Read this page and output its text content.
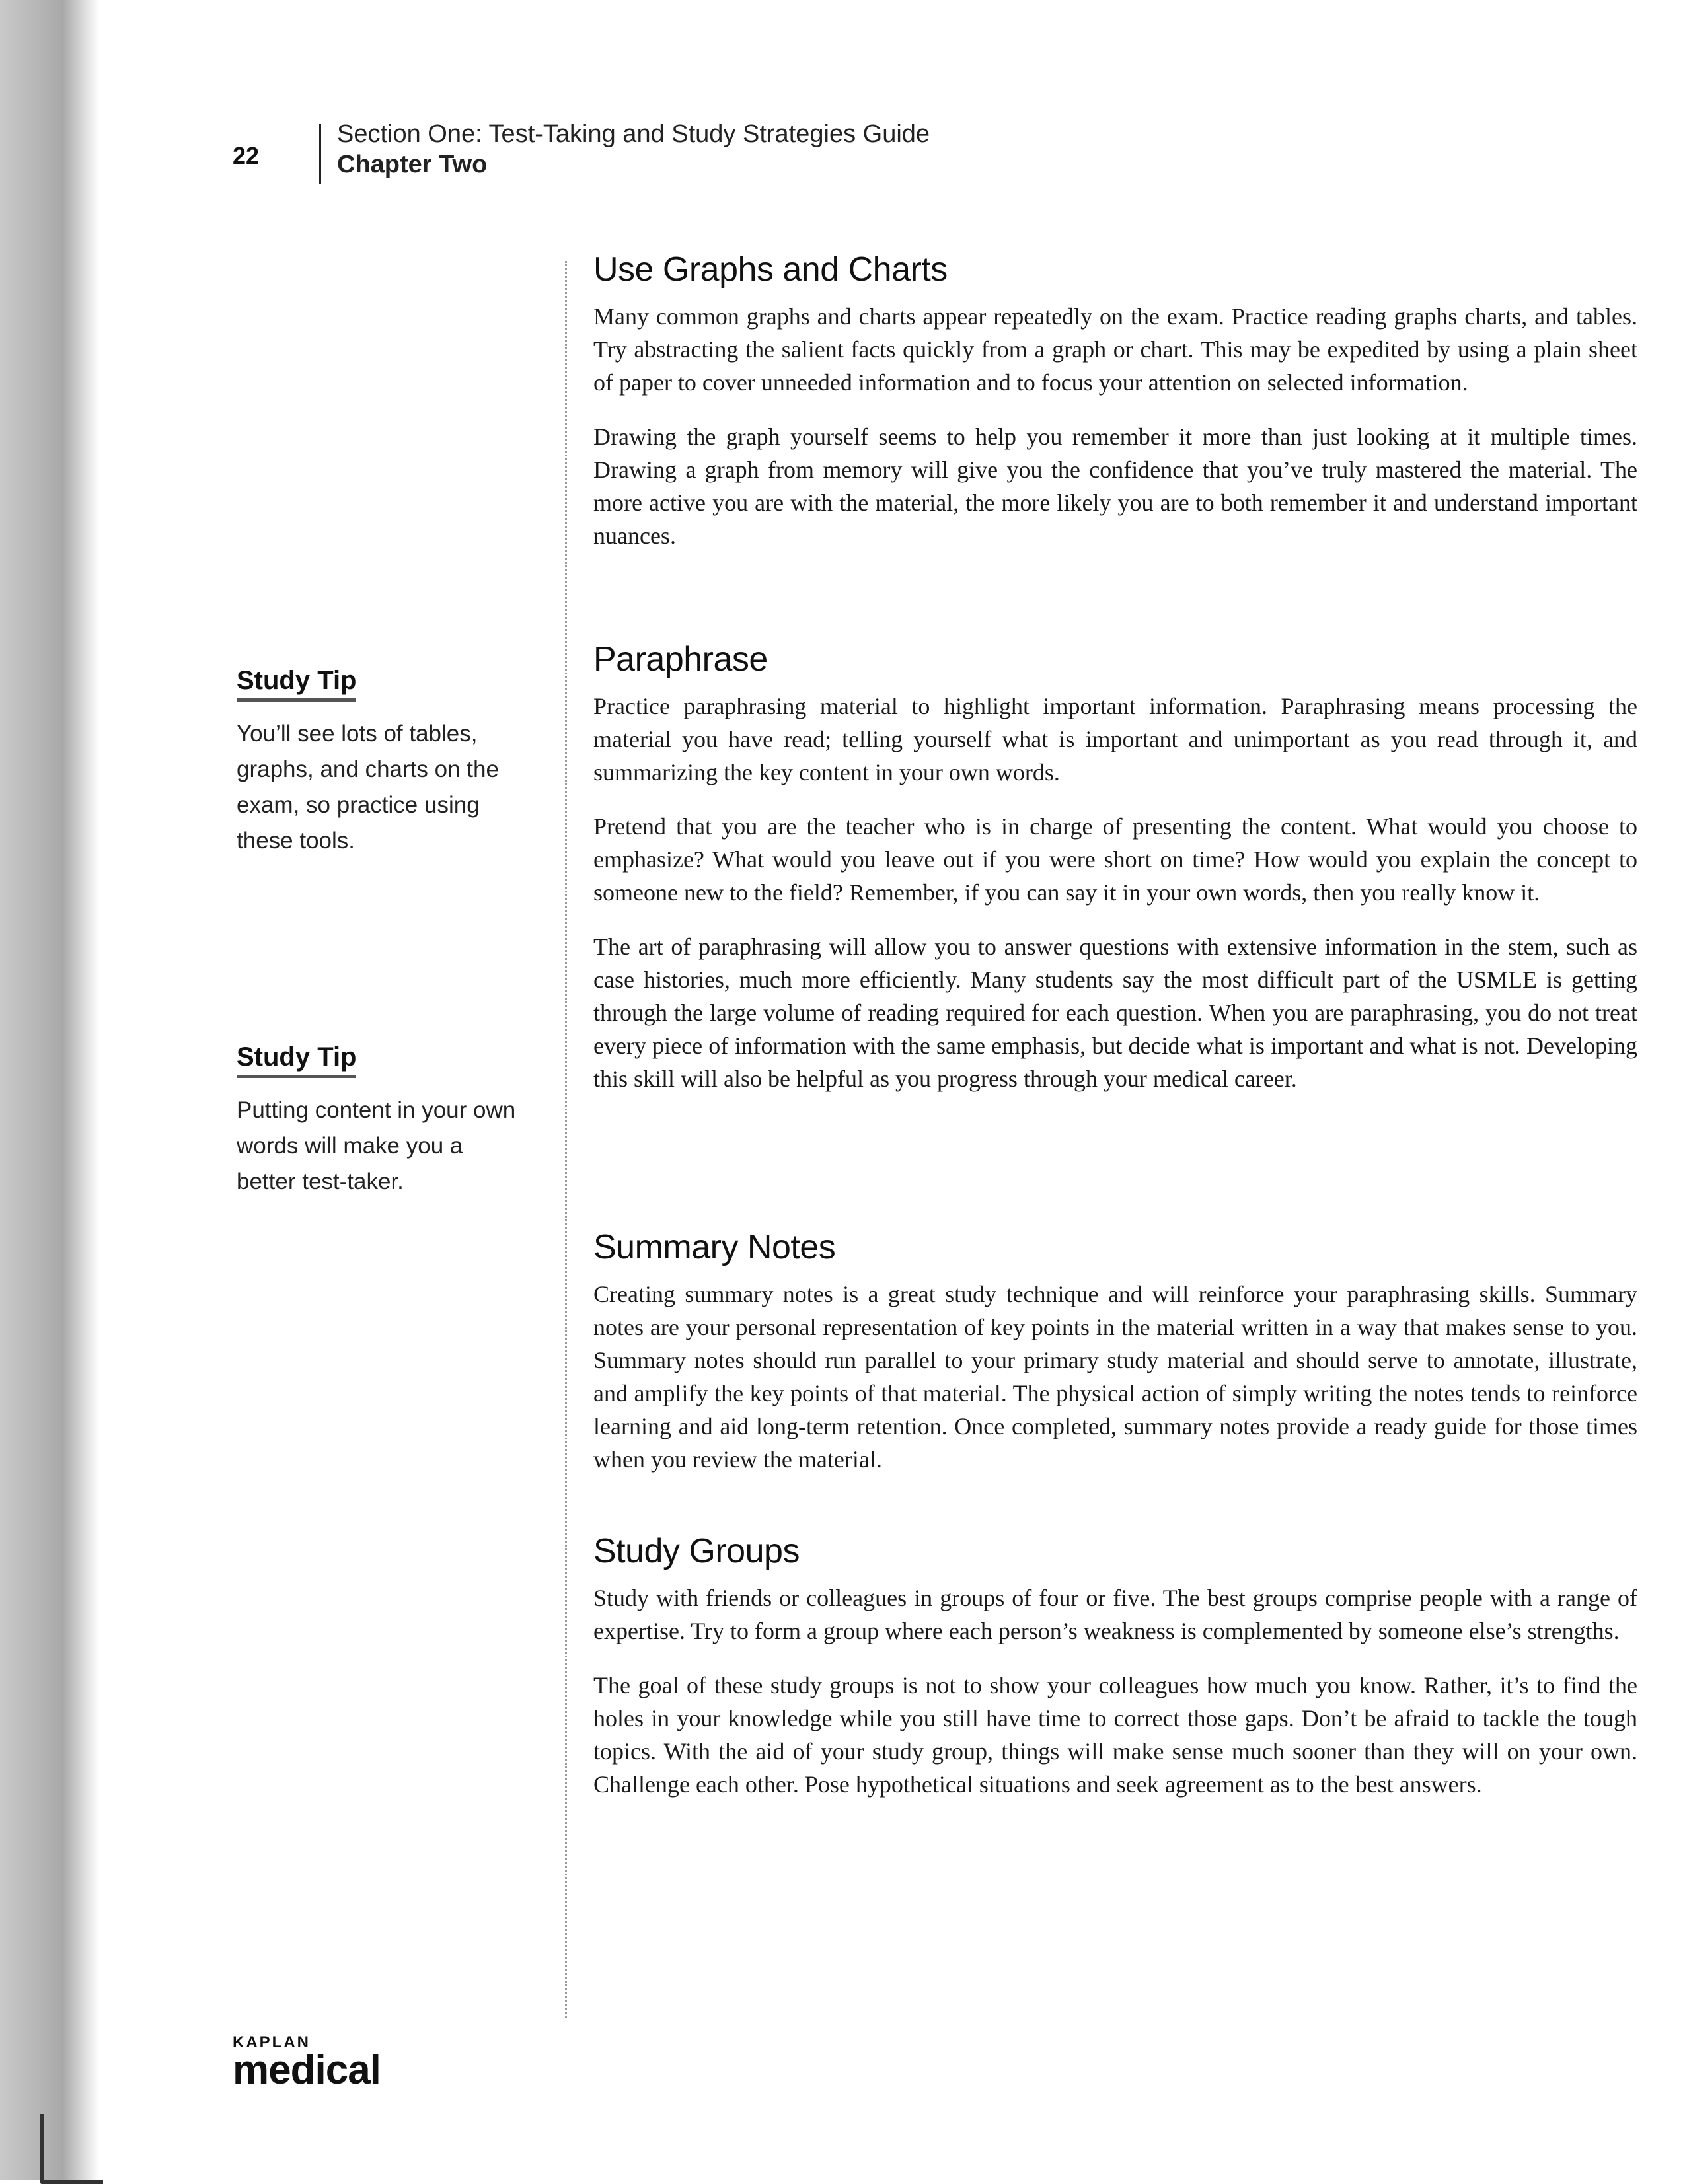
22
Section One: Test-Taking and Study Strategies Guide
Chapter Two
Study Tip

You’ll see lots of tables, graphs, and charts on the exam, so practice using these tools.

Study Tip

Putting content in your own words will make you a better test-taker.

Use Graphs and Charts

Many common graphs and charts appear repeatedly on the exam. Practice reading graphs charts, and tables. Try abstracting the salient facts quickly from a graph or chart. This may be expedited by using a plain sheet of paper to cover unneeded information and to focus your attention on selected information.

Drawing the graph yourself seems to help you remember it more than just looking at it multiple times. Drawing a graph from memory will give you the confidence that you’ve truly mastered the material. The more active you are with the material, the more likely you are to both remember it and understand important nuances.

Paraphrase

Practice paraphrasing material to highlight important information. Paraphrasing means processing the material you have read; telling yourself what is important and unimportant as you read through it, and summarizing the key content in your own words.

Pretend that you are the teacher who is in charge of presenting the content. What would you choose to emphasize? What would you leave out if you were short on time? How would you explain the concept to someone new to the field? Remember, if you can say it in your own words, then you really know it.

The art of paraphrasing will allow you to answer questions with extensive information in the stem, such as case histories, much more efficiently. Many students say the most difficult part of the USMLE is getting through the large volume of reading required for each question. When you are paraphrasing, you do not treat every piece of information with the same emphasis, but decide what is important and what is not. Developing this skill will also be helpful as you progress through your medical career.

Summary Notes

Creating summary notes is a great study technique and will reinforce your paraphrasing skills. Summary notes are your personal representation of key points in the material written in a way that makes sense to you. Summary notes should run parallel to your primary study material and should serve to annotate, illustrate, and amplify the key points of that material. The physical action of simply writing the notes tends to reinforce learning and aid long-term retention. Once completed, summary notes provide a ready guide for those times when you review the material.

Study Groups

Study with friends or colleagues in groups of four or five. The best groups comprise people with a range of expertise. Try to form a group where each person’s weakness is complemented by someone else’s strengths.

The goal of these study groups is not to show your colleagues how much you know. Rather, it’s to find the holes in your knowledge while you still have time to correct those gaps. Don’t be afraid to tackle the tough topics. With the aid of your study group, things will make sense much sooner than they will on your own. Challenge each other. Pose hypothetical situations and seek agreement as to the best answers.

KAPLAN
medical
